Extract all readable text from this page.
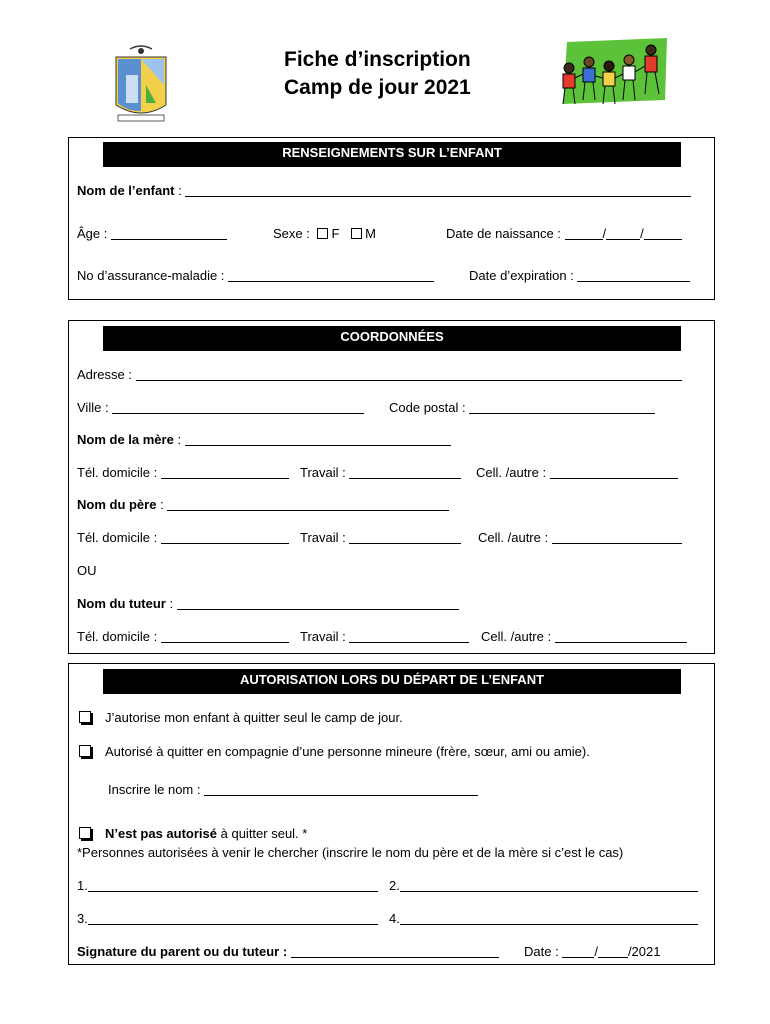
Fiche d’inscription
Camp de jour 2021
RENSEIGNEMENTS SUR L’ENFANT
Nom de l’enfant :
Âge :	Sexe : F M	Date de naissance :	/	/
No d’assurance-maladie :	Date d’expiration :
COORDONNÉES
Adresse :
Ville :	Code postal :
Nom de la mère :
Tél. domicile :	Travail :	Cell. /autre :
Nom du père :
Tél. domicile :	Travail :	Cell. /autre :
OU
Nom du tuteur :
Tél. domicile :	Travail :	Cell. /autre :
AUTORISATION LORS DU DÉPART DE L’ENFANT
J’autorise mon enfant à quitter seul le camp de jour.
Autorisé à quitter en compagnie d’une personne mineure (frère, sœur, ami ou amie).
Inscrire le nom :
N’est pas autorisé à quitter seul. *
*Personnes autorisées à venir le chercher (inscrire le nom du père et de la mère si c’est le cas)
1.	2.
3.	4.
Signature du parent ou du tuteur :	Date :	/ /2021
